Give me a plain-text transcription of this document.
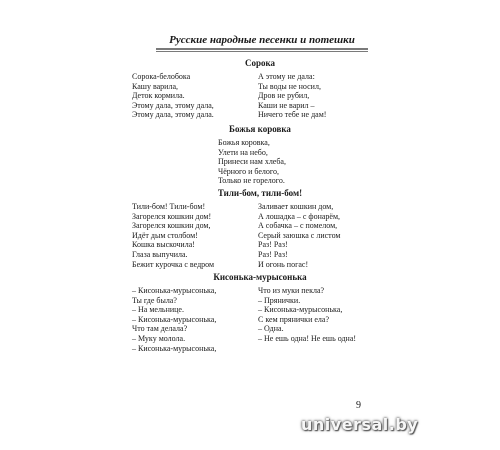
Русские народные песенки и потешки
Сорока
Сорока-белобока
Кашу варила,
Деток кормила.
Этому дала, этому дала,
Этому дала, этому дала.
А этому не дала:
Ты воды не носил,
Дров не рубил,
Каши не варил –
Ничего тебе не дам!
Божья коровка
Божья коровка,
Улети на небо,
Принеси нам хлеба,
Чёрного и белого,
Только не горелого.
Тили-бом, тили-бом!
Тили-бом! Тили-бом!
Загорелся кошкин дом!
Загорелся кошкин дом,
Идёт дым столбом!
Кошка выскочила!
Глаза выпучила.
Бежит курочка с ведром
Заливает кошкин дом,
А лошадка – с фонарём,
А собачка – с помелом,
Серый заюшка с листом
Раз! Раз!
Раз! Раз!
И огонь погас!
Кисонька-мурысонька
– Кисонька-мурысонька,
Ты где была?
– На мельнице.
– Кисонька-мурысонька,
Что там делала?
– Муку молола.
– Кисонька-мурысонька,
Что из муки пекла?
– Прянички.
– Кисонька-мурысонька,
С кем прянички ела?
– Одна.
– Не ешь одна! Не ешь одна!
9
universal.by
